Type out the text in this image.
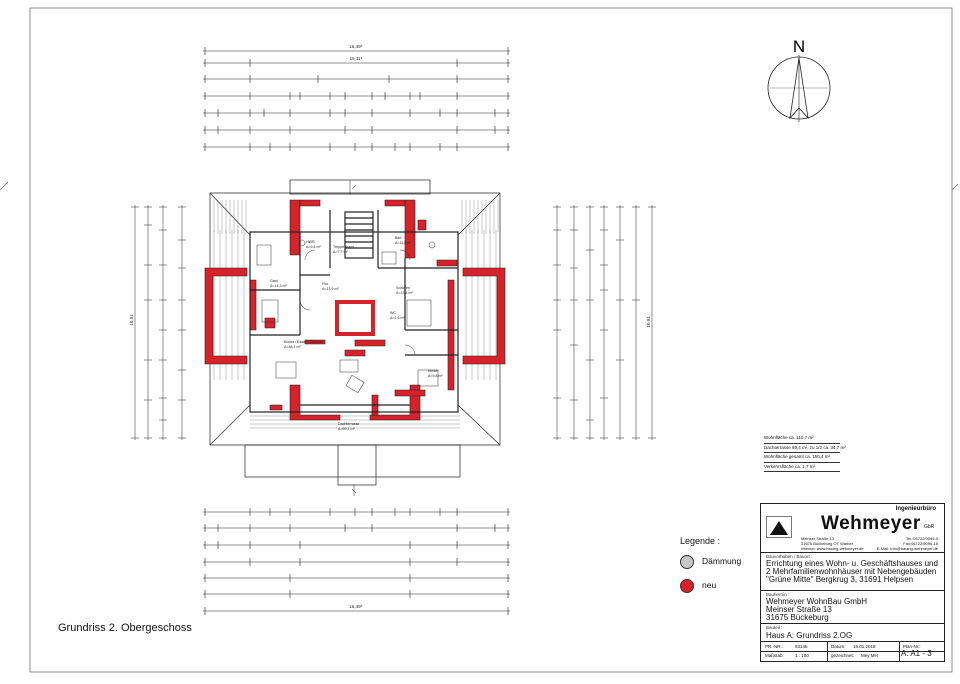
N
16,49⁵
15,11⁵
16,49⁵
10,91	10,91
HWR
A=9,4 m²	Treppenhaus
A=7,7 m²
Bad
A=11,8 m²
Gast
A=14,3 m²	Flur
A=13,9 m²	Schlafen
A=13,4 m²
WC
A=2,6 m²
Küche / Essen / Wohnen
A=48,1 m²
Kinder
A=9,8 m²
Dachterrasse
A=69,4 m²
Wohnfläche ca. 110,7 m²
Dachterrasse 69,4 m², zu 1/2 ca. 34,7 m²
Wohnfläche gesamt ca. 150,4 m²
Verkehrsfläche ca. 1,7 m²
Legende :
Dämmung
neu
Grundriss 2. Obergeschoss
Ingenieurbüro
Wehmeyer GbR
Meinser Straße 13
31675 Bückeburg OT Warber
Internet: www.bauing-wehmeyer.de
Tel.:05722/9096-0
Fax:05722/9096-16
E-Mail: info@bauing-wehmeyer.de
Bauvorhaben / Bauort :
Errichtung eines Wohn- u. Geschäftshauses und
2 Mehrfamilienwohnhäuser mit Nebengebäuden
"Grüne Mitte" Bergkrug 3, 31691 Helpsen
Bauherr/in :
Wehmeyer WohnBau GmbH
Meinser Straße 13
31675 Bückeburg
Bauteil :
Haus A: Grundriss 2.OG
PR.-NR.:	93145	Datum: 16.01.2018	Plan-Nr.:
Maßstab: 1 : 100	gezeichnet: Mey MH	A: A1 - 3
